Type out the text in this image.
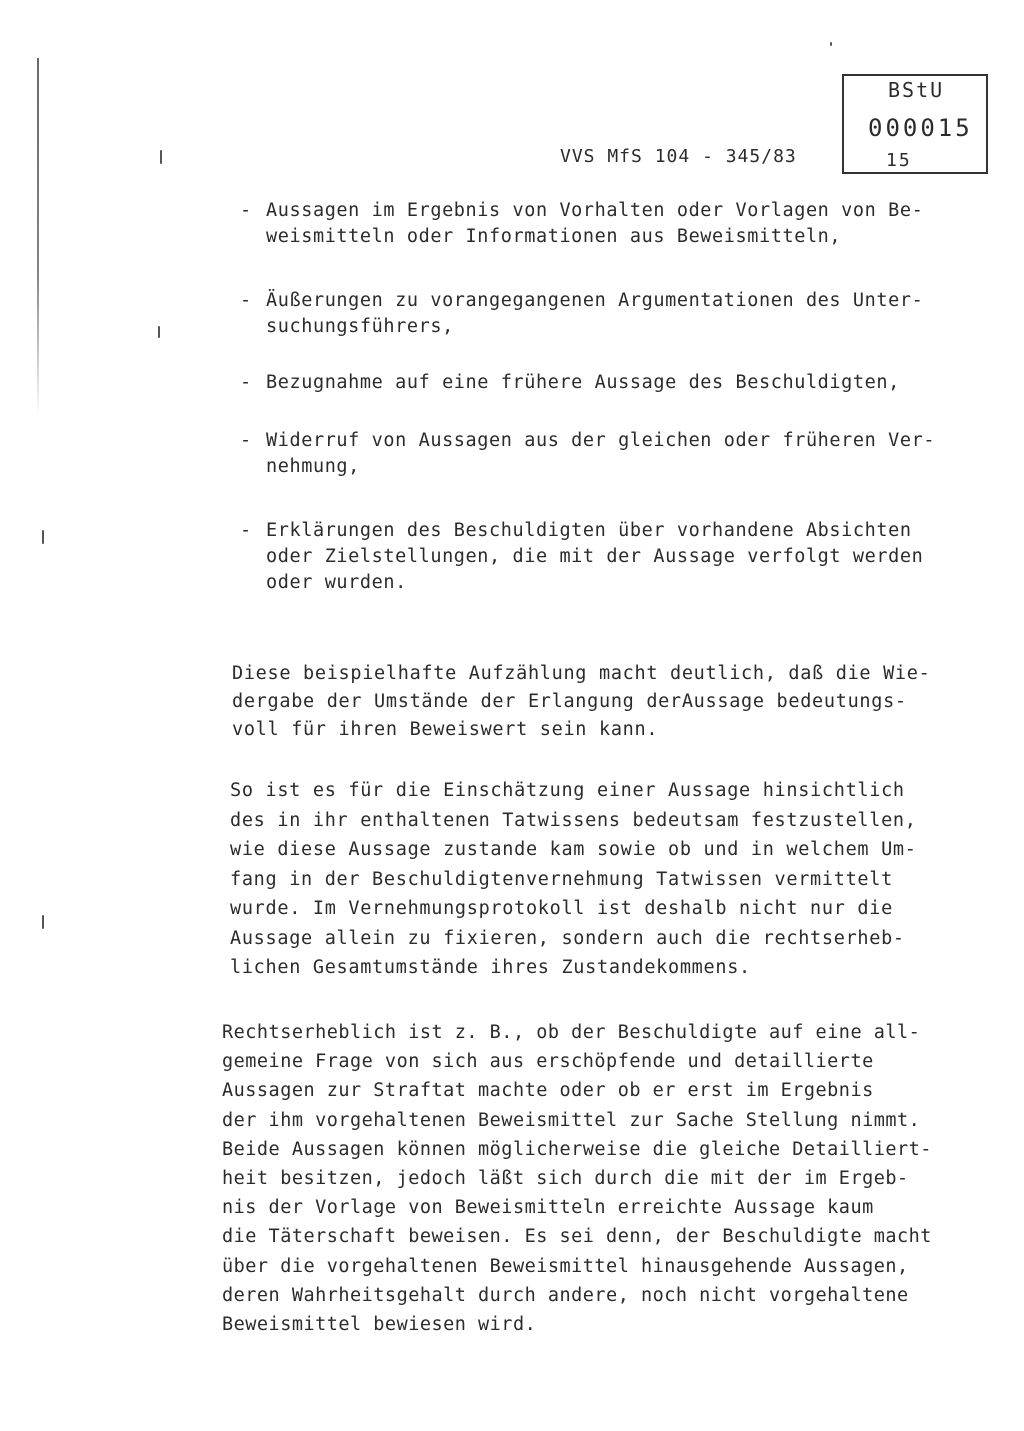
BStU
000015
15
VVS MfS 104 - 345/83
- Aussagen im Ergebnis von Vorhalten oder Vorlagen von Be-
weismitteln oder Informationen aus Beweismitteln,
- Äußerungen zu vorangegangenen Argumentationen des Unter-
suchungsführers,
- Bezugnahme auf eine frühere Aussage des Beschuldigten,
- Widerruf von Aussagen aus der gleichen oder früheren Ver-
nehmung,
- Erklärungen des Beschuldigten über vorhandene Absichten
oder Zielstellungen, die mit der Aussage verfolgt werden
oder wurden.
Diese beispielhafte Aufzählung macht deutlich, daß die Wie-
dergabe der Umstände der Erlangung derAussage bedeutungs-
voll für ihren Beweiswert sein kann.
So ist es für die Einschätzung einer Aussage hinsichtlich
des in ihr enthaltenen Tatwissens bedeutsam festzustellen,
wie diese Aussage zustande kam sowie ob und in welchem Um-
fang in der Beschuldigtenvernehmung Tatwissen vermittelt
wurde. Im Vernehmungsprotokoll ist deshalb nicht nur die
Aussage allein zu fixieren, sondern auch die rechtserheb-
lichen Gesamtumstände ihres Zustandekommens.
Rechtserheblich ist z. B., ob der Beschuldigte auf eine all-
gemeine Frage von sich aus erschöpfende und detaillierte
Aussagen zur Straftat machte oder ob er erst im Ergebnis
der ihm vorgehaltenen Beweismittel zur Sache Stellung nimmt.
Beide Aussagen können möglicherweise die gleiche Detailliert-
heit besitzen, jedoch läßt sich durch die mit der im Ergeb-
nis der Vorlage von Beweismitteln erreichte Aussage kaum
die Täterschaft beweisen. Es sei denn, der Beschuldigte macht
über die vorgehaltenen Beweismittel hinausgehende Aussagen,
deren Wahrheitsgehalt durch andere, noch nicht vorgehaltene
Beweismittel bewiesen wird.
